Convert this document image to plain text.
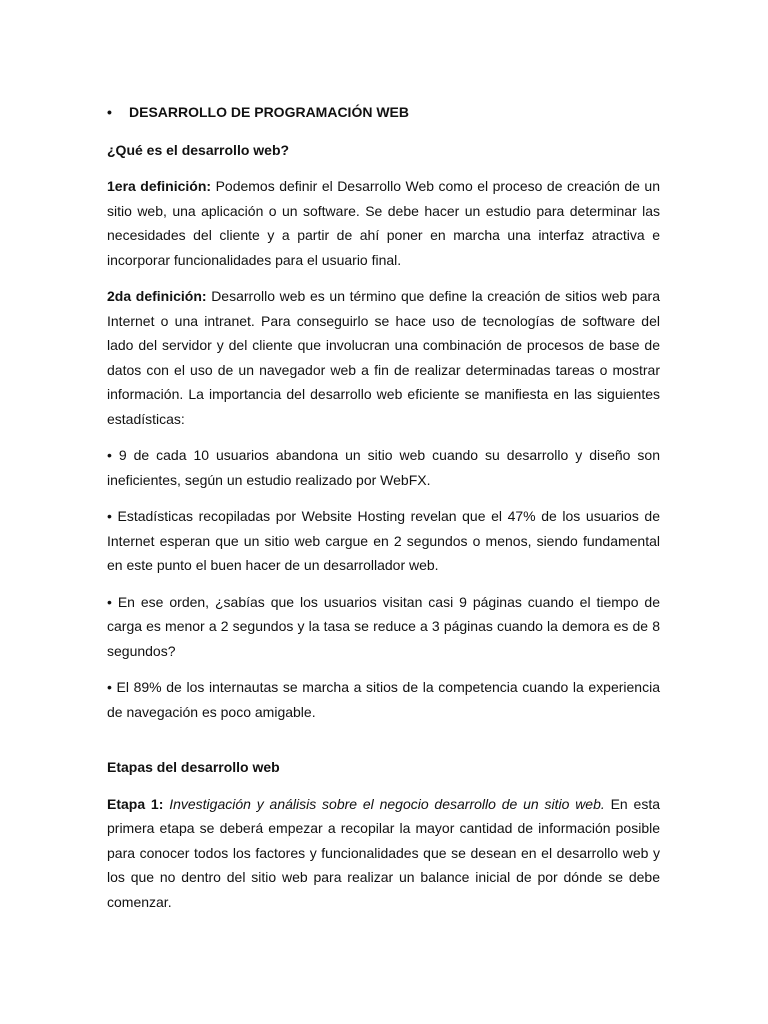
•	DESARROLLO DE PROGRAMACIÓN WEB

¿Qué es el desarrollo web?

1era definición: Podemos definir el Desarrollo Web como el proceso de creación de un sitio web, una aplicación o un software. Se debe hacer un estudio para determinar las necesidades del cliente y a partir de ahí poner en marcha una interfaz atractiva e incorporar funcionalidades para el usuario final.

2da definición: Desarrollo web es un término que define la creación de sitios web para Internet o una intranet. Para conseguirlo se hace uso de tecnologías de software del lado del servidor y del cliente que involucran una combinación de procesos de base de datos con el uso de un navegador web a fin de realizar determinadas tareas o mostrar información. La importancia del desarrollo web eficiente se manifiesta en las siguientes estadísticas:

• 9 de cada 10 usuarios abandona un sitio web cuando su desarrollo y diseño son ineficientes, según un estudio realizado por WebFX.

• Estadísticas recopiladas por Website Hosting revelan que el 47% de los usuarios de Internet esperan que un sitio web cargue en 2 segundos o menos, siendo fundamental en este punto el buen hacer de un desarrollador web.

• En ese orden, ¿sabías que los usuarios visitan casi 9 páginas cuando el tiempo de carga es menor a 2 segundos y la tasa se reduce a 3 páginas cuando la demora es de 8 segundos?

• El 89% de los internautas se marcha a sitios de la competencia cuando la experiencia de navegación es poco amigable.

Etapas del desarrollo web

Etapa 1: Investigación y análisis sobre el negocio desarrollo de un sitio web. En esta primera etapa se deberá empezar a recopilar la mayor cantidad de información posible para conocer todos los factores y funcionalidades que se desean en el desarrollo web y los que no dentro del sitio web para realizar un balance inicial de por dónde se debe comenzar.
